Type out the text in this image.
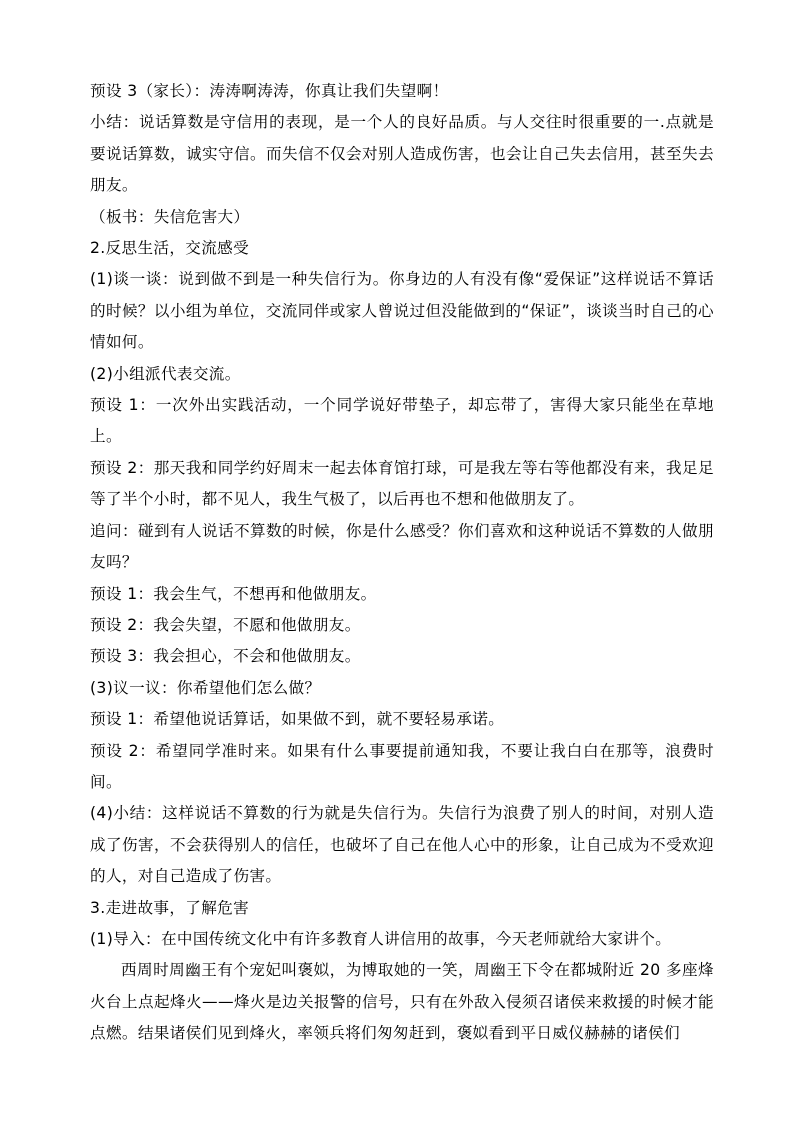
预设 3（家长）：涛涛啊涛涛，你真让我们失望啊！

小结：说话算数是守信用的表现，是一个人的良好品质。与人交往时很重要的一.点就是要说话算数，诚实守信。而失信不仅会对别人造成伤害，也会让自己失去信用，甚至失去朋友。

（板书：失信危害大）

2.反思生活，交流感受

(1)谈一谈：说到做不到是一种失信行为。你身边的人有没有像“爱保证”这样说话不算话的时候？以小组为单位，交流同伴或家人曾说过但没能做到的“保证”，谈谈当时自己的心情如何。

(2)小组派代表交流。

预设 1：一次外出实践活动，一个同学说好带垫子，却忘带了，害得大家只能坐在草地上。

预设 2：那天我和同学约好周末一起去体育馆打球，可是我左等右等他都没有来，我足足等了半个小时，都不见人，我生气极了，以后再也不想和他做朋友了。

追问：碰到有人说话不算数的时候，你是什么感受？你们喜欢和这种说话不算数的人做朋友吗？

预设 1：我会生气，不想再和他做朋友。

预设 2：我会失望，不愿和他做朋友。

预设 3：我会担心，不会和他做朋友。

(3)议一议：你希望他们怎么做？

预设 1：希望他说话算话，如果做不到，就不要轻易承诺。

预设 2：希望同学准时来。如果有什么事要提前通知我，不要让我白白在那等，浪费时间。

(4)小结：这样说话不算数的行为就是失信行为。失信行为浪费了别人的时间，对别人造成了伤害，不会获得别人的信任，也破坏了自己在他人心中的形象，让自己成为不受欢迎的人，对自己造成了伤害。

3.走进故事，了解危害

(1)导入：在中国传统文化中有许多教育人讲信用的故事，今天老师就给大家讲个。

西周时周幽王有个宠妃叫褒姒，为博取她的一笑，周幽王下令在都城附近 20 多座烽火台上点起烽火——烽火是边关报警的信号，只有在外敌入侵须召诸侯来救援的时候才能点燃。结果诸侯们见到烽火，率领兵将们匆匆赶到，褒姒看到平日威仪赫赫的诸侯们
